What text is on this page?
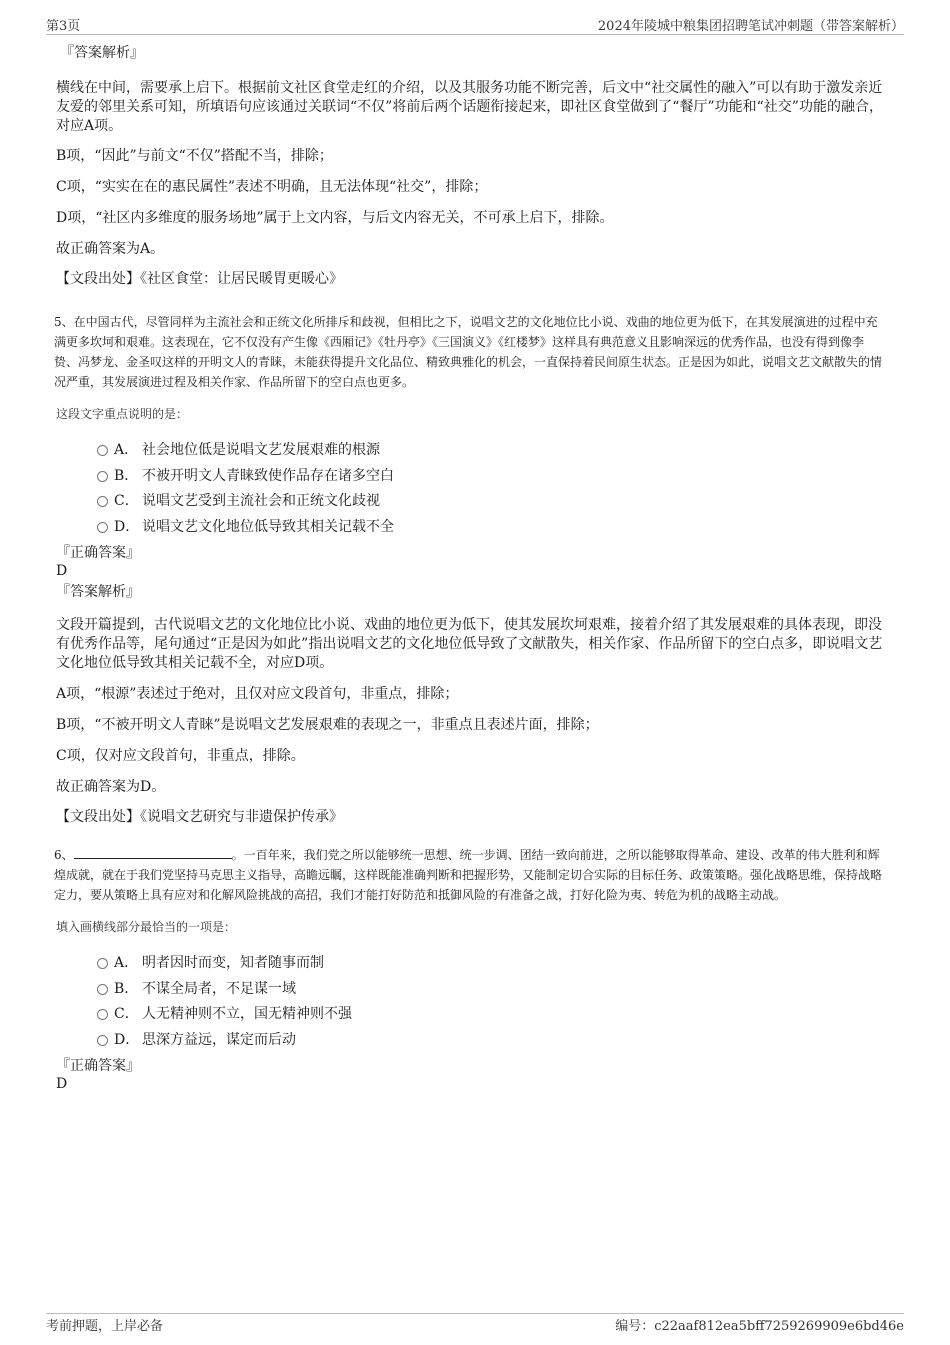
第3页	2024年陵城中粮集团招聘笔试冲刺题（带答案解析）

『答案解析』

横线在中间，需要承上启下。根据前文社区食堂走红的介绍，以及其服务功能不断完善，后文中“社交属性的融入”可以有助于激发亲近友爱的邻里关系可知，所填语句应该通过关联词“不仅”将前后两个话题衔接起来，即社区食堂做到了“餐厅”功能和“社交”功能的融合，对应A项。

B项，“因此”与前文“不仅”搭配不当，排除；

C项，“实实在在的惠民属性”表述不明确，且无法体现“社交”，排除；

D项，“社区内多维度的服务场地”属于上文内容，与后文内容无关，不可承上启下，排除。

故正确答案为A。

【文段出处】《社区食堂：让居民暖胃更暖心》

5、在中国古代，尽管同样为主流社会和正统文化所排斥和歧视，但相比之下，说唱文艺的文化地位比小说、戏曲的地位更为低下，在其发展演进的过程中充满更多坎坷和艰难。这表现在，它不仅没有产生像《西厢记》《牡丹亭》《三国演义》《红楼梦》这样具有典范意义且影响深远的优秀作品，也没有得到像李贽、冯梦龙、金圣叹这样的开明文人的青睐，未能获得提升文化品位、精致典雅化的机会，一直保持着民间原生状态。正是因为如此，说唱文艺文献散失的情况严重，其发展演进过程及相关作家、作品所留下的空白点也更多。

这段文字重点说明的是：

A． 社会地位低是说唱文艺发展艰难的根源
B． 不被开明文人青睐致使作品存在诸多空白
C． 说唱文艺受到主流社会和正统文化歧视
D． 说唱文艺文化地位低导致其相关记载不全

『正确答案』

D

『答案解析』

文段开篇提到，古代说唱文艺的文化地位比小说、戏曲的地位更为低下，使其发展坎坷艰难，接着介绍了其发展艰难的具体表现，即没有优秀作品等，尾句通过“正是因为如此”指出说唱文艺的文化地位低导致了文献散失，相关作家、作品所留下的空白点多，即说唱文艺文化地位低导致其相关记载不全，对应D项。

A项，“根源”表述过于绝对，且仅对应文段首句，非重点，排除；

B项，“不被开明文人青睐”是说唱文艺发展艰难的表现之一，非重点且表述片面，排除；

C项，仅对应文段首句，非重点，排除。

故正确答案为D。

【文段出处】《说唱文艺研究与非遗保护传承》

6、	。一百年来，我们党之所以能够统一思想、统一步调、团结一致向前进，之所以能够取得革命、建设、改革的伟大胜利和辉煌成就，就在于我们党坚持马克思主义指导，高瞻远瞩，这样既能准确判断和把握形势，又能制定切合实际的目标任务、政策策略。强化战略思维，保持战略定力，要从策略上具有应对和化解风险挑战的高招，我们才能打好防范和抵御风险的有准备之战，打好化险为夷、转危为机的战略主动战。

填入画横线部分最恰当的一项是：

A． 明者因时而变，知者随事而制
B． 不谋全局者，不足谋一域
C． 人无精神则不立，国无精神则不强
D． 思深方益远，谋定而后动

『正确答案』

D

考前押题，上岸必备	编号：c22aaf812ea5bff7259269909e6bd46e
